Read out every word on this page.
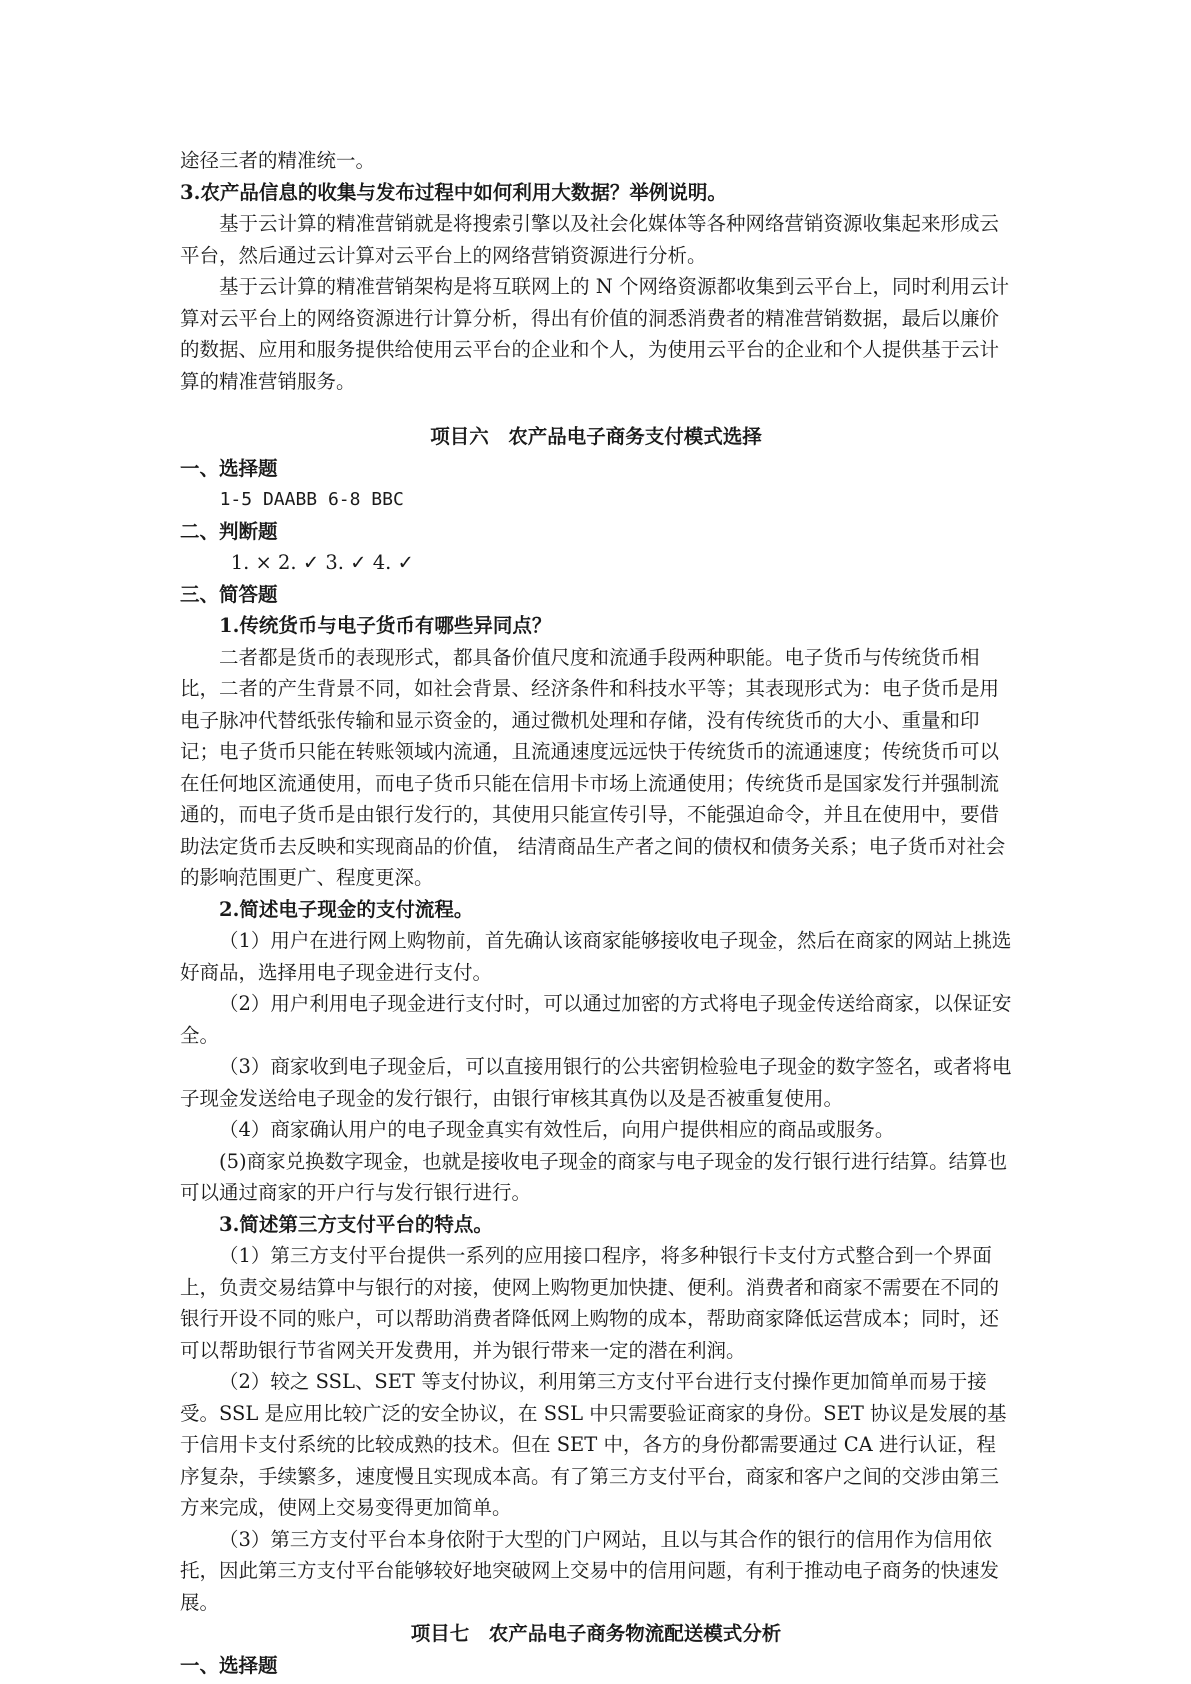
途径三者的精准统一。

3.农产品信息的收集与发布过程中如何利用大数据？举例说明。

基于云计算的精准营销就是将搜索引擎以及社会化媒体等各种网络营销资源收集起来形成云平台，然后通过云计算对云平台上的网络营销资源进行分析。

基于云计算的精准营销架构是将互联网上的 N 个网络资源都收集到云平台上，同时利用云计算对云平台上的网络资源进行计算分析，得出有价值的洞悉消费者的精准营销数据，最后以廉价的数据、应用和服务提供给使用云平台的企业和个人，为使用云平台的企业和个人提供基于云计算的精准营销服务。

项目六　农产品电子商务支付模式选择

一、选择题

1-5 DAABB 6-8 BBC

二、判断题

1. × 2. ✓ 3. ✓ 4. ✓

三、简答题

1.传统货币与电子货币有哪些异同点？

二者都是货币的表现形式，都具备价值尺度和流通手段两种职能。电子货币与传统货币相比，二者的产生背景不同，如社会背景、经济条件和科技水平等；其表现形式为：电子货币是用电子脉冲代替纸张传输和显示资金的，通过微机处理和存储，没有传统货币的大小、重量和印记；电子货币只能在转账领域内流通，且流通速度远远快于传统货币的流通速度；传统货币可以在任何地区流通使用，而电子货币只能在信用卡市场上流通使用；传统货币是国家发行并强制流通的，而电子货币是由银行发行的，其使用只能宣传引导，不能强迫命令，并且在使用中，要借助法定货币去反映和实现商品的价值， 结清商品生产者之间的债权和债务关系；电子货币对社会的影响范围更广、程度更深。

2.简述电子现金的支付流程。

（1）用户在进行网上购物前，首先确认该商家能够接收电子现金，然后在商家的网站上挑选好商品，选择用电子现金进行支付。

（2）用户利用电子现金进行支付时，可以通过加密的方式将电子现金传送给商家，以保证安全。

（3）商家收到电子现金后，可以直接用银行的公共密钥检验电子现金的数字签名，或者将电子现金发送给电子现金的发行银行，由银行审核其真伪以及是否被重复使用。

（4）商家确认用户的电子现金真实有效性后，向用户提供相应的商品或服务。

(5)商家兑换数字现金，也就是接收电子现金的商家与电子现金的发行银行进行结算。结算也可以通过商家的开户行与发行银行进行。

3.简述第三方支付平台的特点。

（1）第三方支付平台提供一系列的应用接口程序，将多种银行卡支付方式整合到一个界面上，负责交易结算中与银行的对接，使网上购物更加快捷、便利。消费者和商家不需要在不同的银行开设不同的账户，可以帮助消费者降低网上购物的成本，帮助商家降低运营成本；同时，还可以帮助银行节省网关开发费用，并为银行带来一定的潜在利润。

（2）较之 SSL、SET 等支付协议，利用第三方支付平台进行支付操作更加简单而易于接受。SSL 是应用比较广泛的安全协议，在 SSL 中只需要验证商家的身份。SET 协议是发展的基于信用卡支付系统的比较成熟的技术。但在 SET 中，各方的身份都需要通过 CA 进行认证，程序复杂，手续繁多，速度慢且实现成本高。有了第三方支付平台，商家和客户之间的交涉由第三方来完成，使网上交易变得更加简单。

（3）第三方支付平台本身依附于大型的门户网站，且以与其合作的银行的信用作为信用依托，因此第三方支付平台能够较好地突破网上交易中的信用问题，有利于推动电子商务的快速发展。

项目七　农产品电子商务物流配送模式分析

一、选择题
